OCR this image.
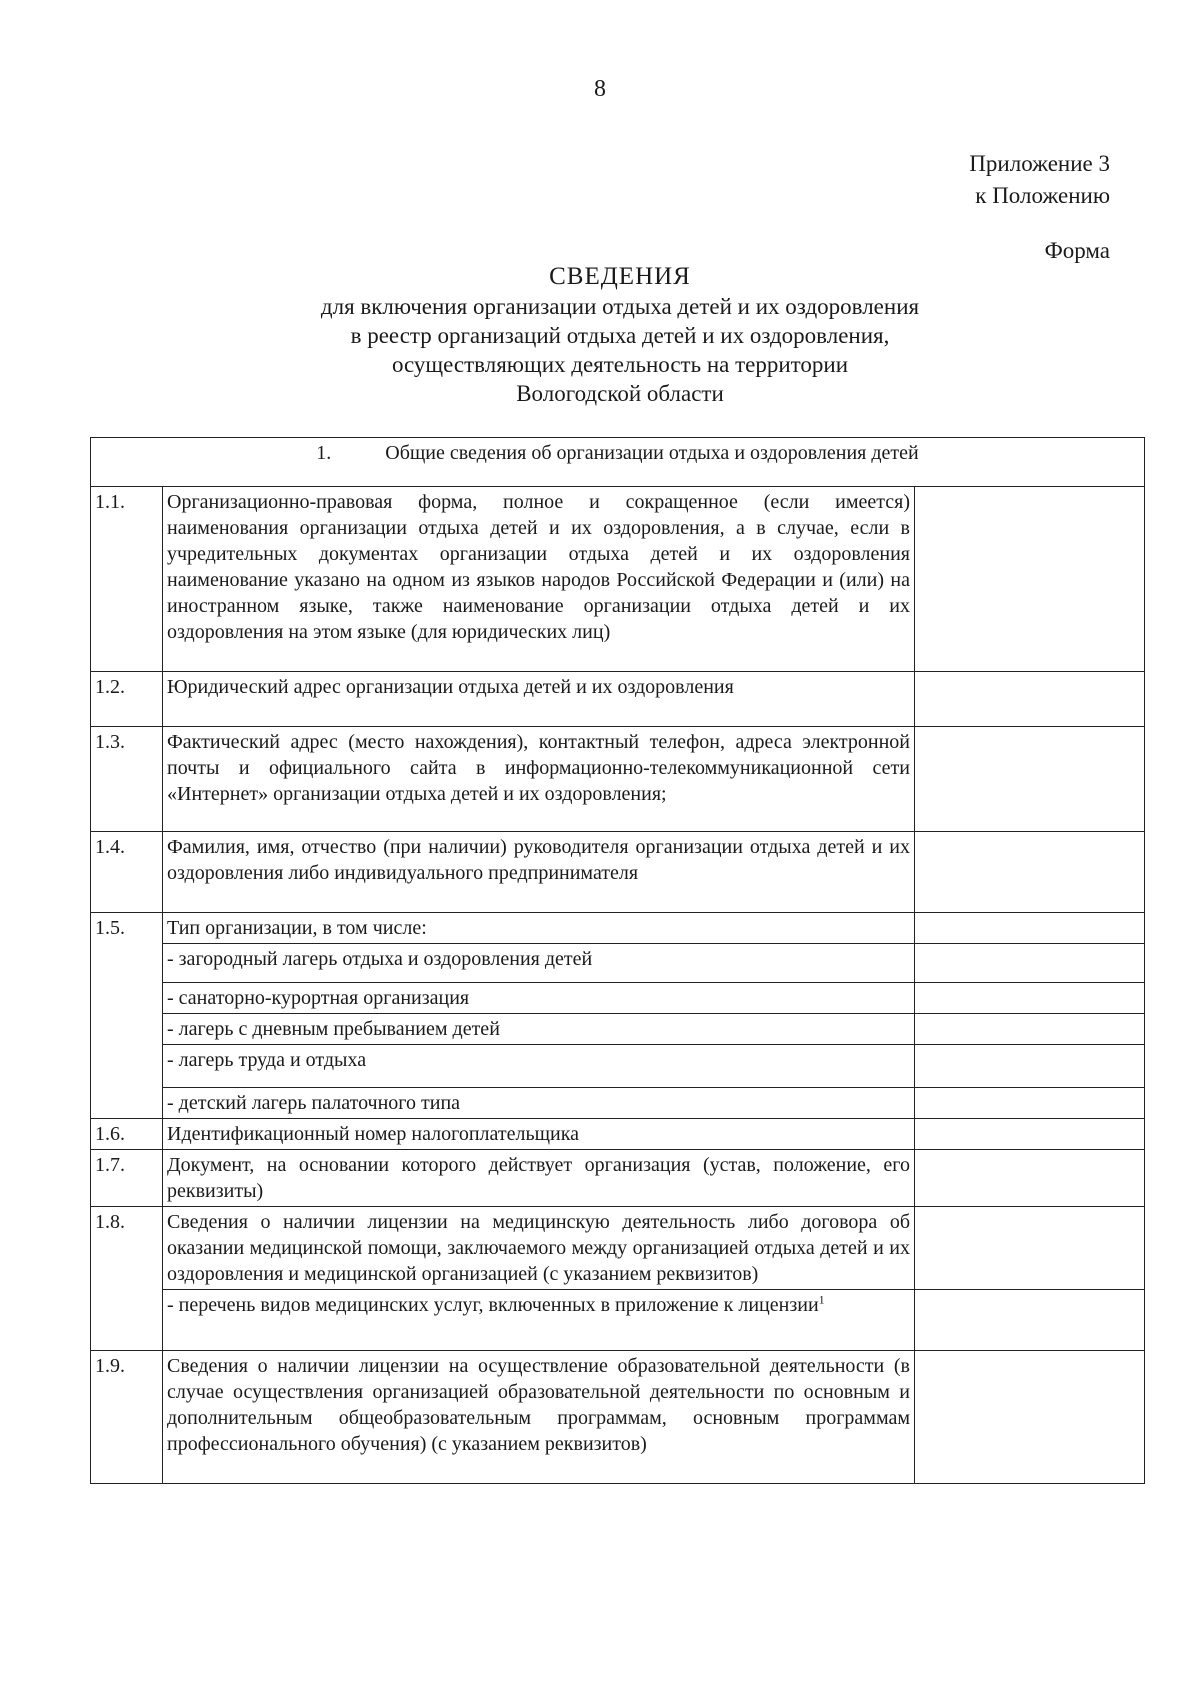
8
Приложение 3
к Положению
Форма
СВЕДЕНИЯ
для включения организации отдыха детей и их оздоровления
в реестр организаций отдыха детей и их оздоровления,
осуществляющих деятельность на территории
Вологодской области
1. Общие сведения об организации отдыха и оздоровления детей		
1.1.	Организационно-правовая форма, полное и сокращенное (если имеется) наименования организации отдыха детей и их оздоровления, а в случае, если в учредительных документах организации отдыха детей и их оздоровления наименование указано на одном из языков народов Российской Федерации и (или) на иностранном языке, также наименование организации отдыха детей и их оздоровления на этом языке (для юридических лиц)	
1.2.	Юридический адрес организации отдыха детей и их оздоровления	
1.3.	Фактический адрес (место нахождения), контактный телефон, адреса электронной почты и официального сайта в информационно-телекоммуникационной сети «Интернет» организации отдыха детей и их оздоровления;	
1.4.	Фамилия, имя, отчество (при наличии) руководителя организации отдыха детей и их оздоровления либо индивидуального предпринимателя	
1.5.	Тип организации, в том числе:	
	- загородный лагерь отдыха и оздоровления детей	
	- санаторно-курортная организация	
	- лагерь с дневным пребыванием детей	
	- лагерь труда и отдыха	
	- детский лагерь палаточного типа	
1.6.	Идентификационный номер налогоплательщика	
1.7.	Документ, на основании которого действует организация (устав, положение, его реквизиты)	
1.8.	Сведения о наличии лицензии на медицинскую деятельность либо договора об оказании медицинской помощи, заключаемого между организацией отдыха детей и их оздоровления и медицинской организацией (с указанием реквизитов)	
	- перечень видов медицинских услуг, включенных в приложение к лицензии$^1$	
1.9.	Сведения о наличии лицензии на осуществление образовательной деятельности (в случае осуществления организацией образовательной деятельности по основным и дополнительным общеобразовательным программам, основным программам профессионального обучения) (с указанием реквизитов)	
